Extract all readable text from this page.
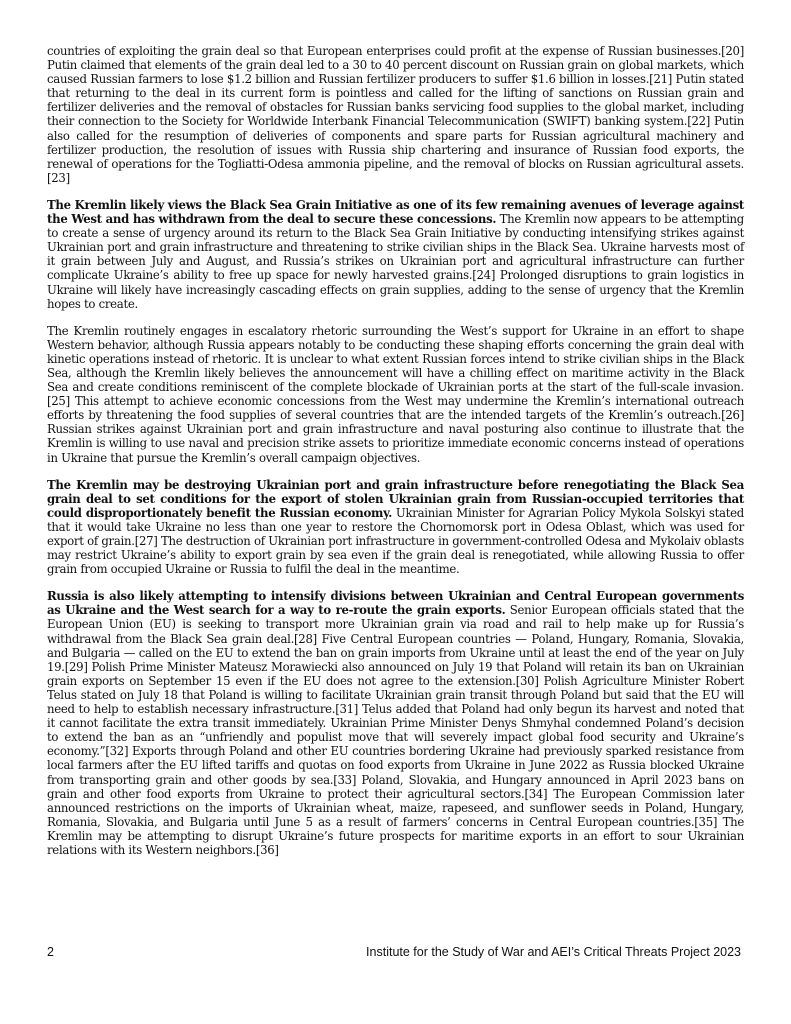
countries of exploiting the grain deal so that European enterprises could profit at the expense of Russian businesses.[20] Putin claimed that elements of the grain deal led to a 30 to 40 percent discount on Russian grain on global markets, which caused Russian farmers to lose $1.2 billion and Russian fertilizer producers to suffer $1.6 billion in losses.[21] Putin stated that returning to the deal in its current form is pointless and called for the lifting of sanctions on Russian grain and fertilizer deliveries and the removal of obstacles for Russian banks servicing food supplies to the global market, including their connection to the Society for Worldwide Interbank Financial Telecommunication (SWIFT) banking system.[22] Putin also called for the resumption of deliveries of components and spare parts for Russian agricultural machinery and fertilizer production, the resolution of issues with Russia ship chartering and insurance of Russian food exports, the renewal of operations for the Togliatti-Odesa ammonia pipeline, and the removal of blocks on Russian agricultural assets.[23]

The Kremlin likely views the Black Sea Grain Initiative as one of its few remaining avenues of leverage against the West and has withdrawn from the deal to secure these concessions. The Kremlin now appears to be attempting to create a sense of urgency around its return to the Black Sea Grain Initiative by conducting intensifying strikes against Ukrainian port and grain infrastructure and threatening to strike civilian ships in the Black Sea. Ukraine harvests most of it grain between July and August, and Russia’s strikes on Ukrainian port and agricultural infrastructure can further complicate Ukraine’s ability to free up space for newly harvested grains.[24] Prolonged disruptions to grain logistics in Ukraine will likely have increasingly cascading effects on grain supplies, adding to the sense of urgency that the Kremlin hopes to create.

The Kremlin routinely engages in escalatory rhetoric surrounding the West’s support for Ukraine in an effort to shape Western behavior, although Russia appears notably to be conducting these shaping efforts concerning the grain deal with kinetic operations instead of rhetoric. It is unclear to what extent Russian forces intend to strike civilian ships in the Black Sea, although the Kremlin likely believes the announcement will have a chilling effect on maritime activity in the Black Sea and create conditions reminiscent of the complete blockade of Ukrainian ports at the start of the full-scale invasion.[25] This attempt to achieve economic concessions from the West may undermine the Kremlin’s international outreach efforts by threatening the food supplies of several countries that are the intended targets of the Kremlin’s outreach.[26] Russian strikes against Ukrainian port and grain infrastructure and naval posturing also continue to illustrate that the Kremlin is willing to use naval and precision strike assets to prioritize immediate economic concerns instead of operations in Ukraine that pursue the Kremlin’s overall campaign objectives.

The Kremlin may be destroying Ukrainian port and grain infrastructure before renegotiating the Black Sea grain deal to set conditions for the export of stolen Ukrainian grain from Russian-occupied territories that could disproportionately benefit the Russian economy. Ukrainian Minister for Agrarian Policy Mykola Solskyi stated that it would take Ukraine no less than one year to restore the Chornomorsk port in Odesa Oblast, which was used for export of grain.[27] The destruction of Ukrainian port infrastructure in government-controlled Odesa and Mykolaiv oblasts may restrict Ukraine’s ability to export grain by sea even if the grain deal is renegotiated, while allowing Russia to offer grain from occupied Ukraine or Russia to fulfil the deal in the meantime.

Russia is also likely attempting to intensify divisions between Ukrainian and Central European governments as Ukraine and the West search for a way to re-route the grain exports. Senior European officials stated that the European Union (EU) is seeking to transport more Ukrainian grain via road and rail to help make up for Russia’s withdrawal from the Black Sea grain deal.[28] Five Central European countries — Poland, Hungary, Romania, Slovakia, and Bulgaria — called on the EU to extend the ban on grain imports from Ukraine until at least the end of the year on July 19.[29] Polish Prime Minister Mateusz Morawiecki also announced on July 19 that Poland will retain its ban on Ukrainian grain exports on September 15 even if the EU does not agree to the extension.[30] Polish Agriculture Minister Robert Telus stated on July 18 that Poland is willing to facilitate Ukrainian grain transit through Poland but said that the EU will need to help to establish necessary infrastructure.[31] Telus added that Poland had only begun its harvest and noted that it cannot facilitate the extra transit immediately. Ukrainian Prime Minister Denys Shmyhal condemned Poland’s decision to extend the ban as an “unfriendly and populist move that will severely impact global food security and Ukraine’s economy.”[32] Exports through Poland and other EU countries bordering Ukraine had previously sparked resistance from local farmers after the EU lifted tariffs and quotas on food exports from Ukraine in June 2022 as Russia blocked Ukraine from transporting grain and other goods by sea.[33] Poland, Slovakia, and Hungary announced in April 2023 bans on grain and other food exports from Ukraine to protect their agricultural sectors.[34] The European Commission later announced restrictions on the imports of Ukrainian wheat, maize, rapeseed, and sunflower seeds in Poland, Hungary, Romania, Slovakia, and Bulgaria until June 5 as a result of farmers’ concerns in Central European countries.[35] The Kremlin may be attempting to disrupt Ukraine’s future prospects for maritime exports in an effort to sour Ukrainian relations with its Western neighbors.[36]

2	Institute for the Study of War and AEI’s Critical Threats Project 2023
